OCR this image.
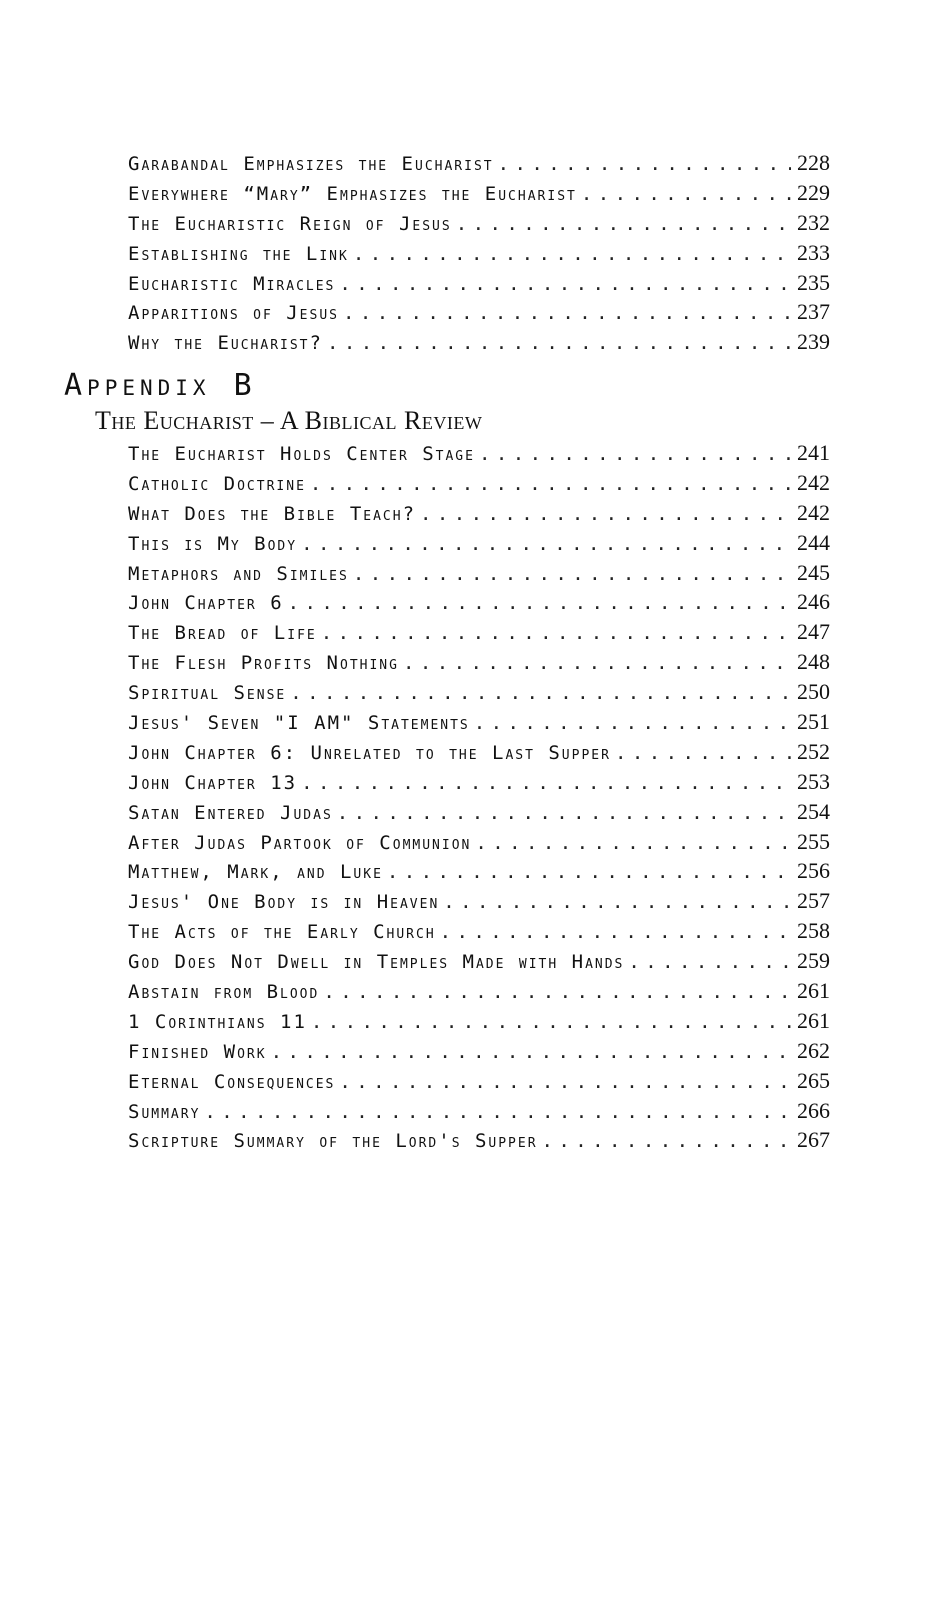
Garabandal Emphasizes the Eucharist . . .	228
Everywhere “Mary” Emphasizes the Eucharist . . .	229
The Eucharistic Reign of Jesus . . .	232
Establishing the Link . . .	233
Eucharistic Miracles . . .	235
Apparitions of Jesus . . .	237
Why the Eucharist? . . .	239
Appendix B
The Eucharist – A Biblical Review
The Eucharist Holds Center Stage . . .	241
Catholic Doctrine . . .	242
What Does the Bible Teach? . . .	242
This is My Body . . .	244
Metaphors and Similes . . .	245
John Chapter 6 . . .	246
The Bread of Life . . .	247
The Flesh Profits Nothing . . .	248
Spiritual Sense . . .	250
Jesus' Seven "I AM" Statements . . .	251
John Chapter 6: Unrelated to the Last Supper . . .	252
John Chapter 13 . . .	253
Satan Entered Judas . . .	254
After Judas Partook of Communion . . .	255
Matthew, Mark, and Luke . . .	256
Jesus' One Body is in Heaven . . .	257
The Acts of the Early Church . . .	258
God Does Not Dwell in Temples Made with Hands . . .	259
Abstain from Blood . . .	261
1 Corinthians 11 . . .	261
Finished Work . . .	262
Eternal Consequences . . .	265
Summary . . .	266
Scripture Summary of the Lord's Supper . . .	267
